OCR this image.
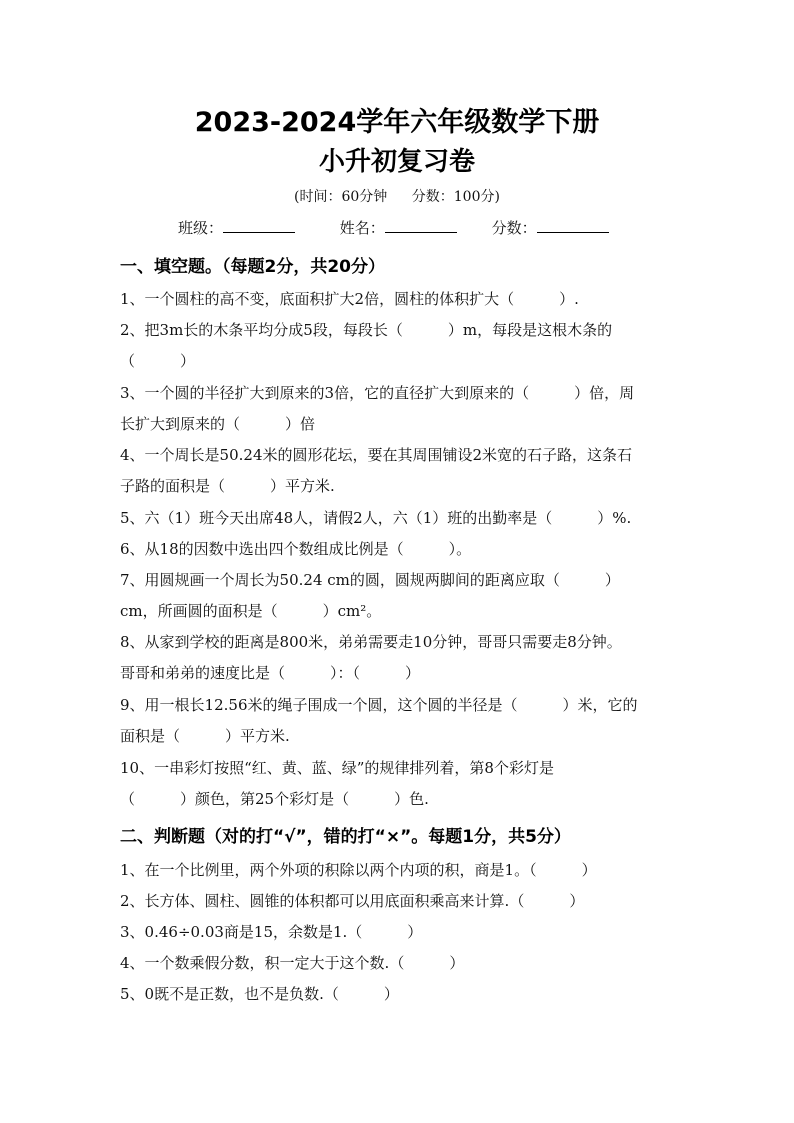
2023-2024学年六年级数学下册
小升初复习卷
(时间：60分钟 分数：100分)
班级：	姓名：	分数：
一、填空题。（每题2分，共20分）
1、一个圆柱的高不变，底面积扩大2倍，圆柱的体积扩大（　　　）.
2、把3m长的木条平均分成5段，每段长（　　　）m，每段是这根木条的
（　　　）
3、一个圆的半径扩大到原来的3倍，它的直径扩大到原来的（　　　）倍，周
长扩大到原来的（　　　）倍
4、一个周长是50.24米的圆形花坛，要在其周围铺设2米宽的石子路，这条石
子路的面积是（　　　）平方米.
5、六（1）班今天出席48人，请假2人，六（1）班的出勤率是（　　　）%.
6、从18的因数中选出四个数组成比例是（　　　）。
7、用圆规画一个周长为50.24 cm的圆，圆规两脚间的距离应取（　　　）
cm，所画圆的面积是（　　　）cm²。
8、从家到学校的距离是800米，弟弟需要走10分钟，哥哥只需要走8分钟。
哥哥和弟弟的速度比是（　　　）：（　　　）
9、用一根长12.56米的绳子围成一个圆，这个圆的半径是（　　　）米，它的
面积是（　　　）平方米.
10、一串彩灯按照“红、黄、蓝、绿”的规律排列着，第8个彩灯是
（　　　）颜色，第25个彩灯是（　　　）色.
二、判断题（对的打“√”，错的打“×”。每题1分，共5分）
1、在一个比例里，两个外项的积除以两个内项的积，商是1。（　　　）
2、长方体、圆柱、圆锥的体积都可以用底面积乘高来计算.（　　　）
3、0.46÷0.03商是15，余数是1.（　　　）
4、一个数乘假分数，积一定大于这个数.（　　　）
5、0既不是正数，也不是负数.（　　　）
